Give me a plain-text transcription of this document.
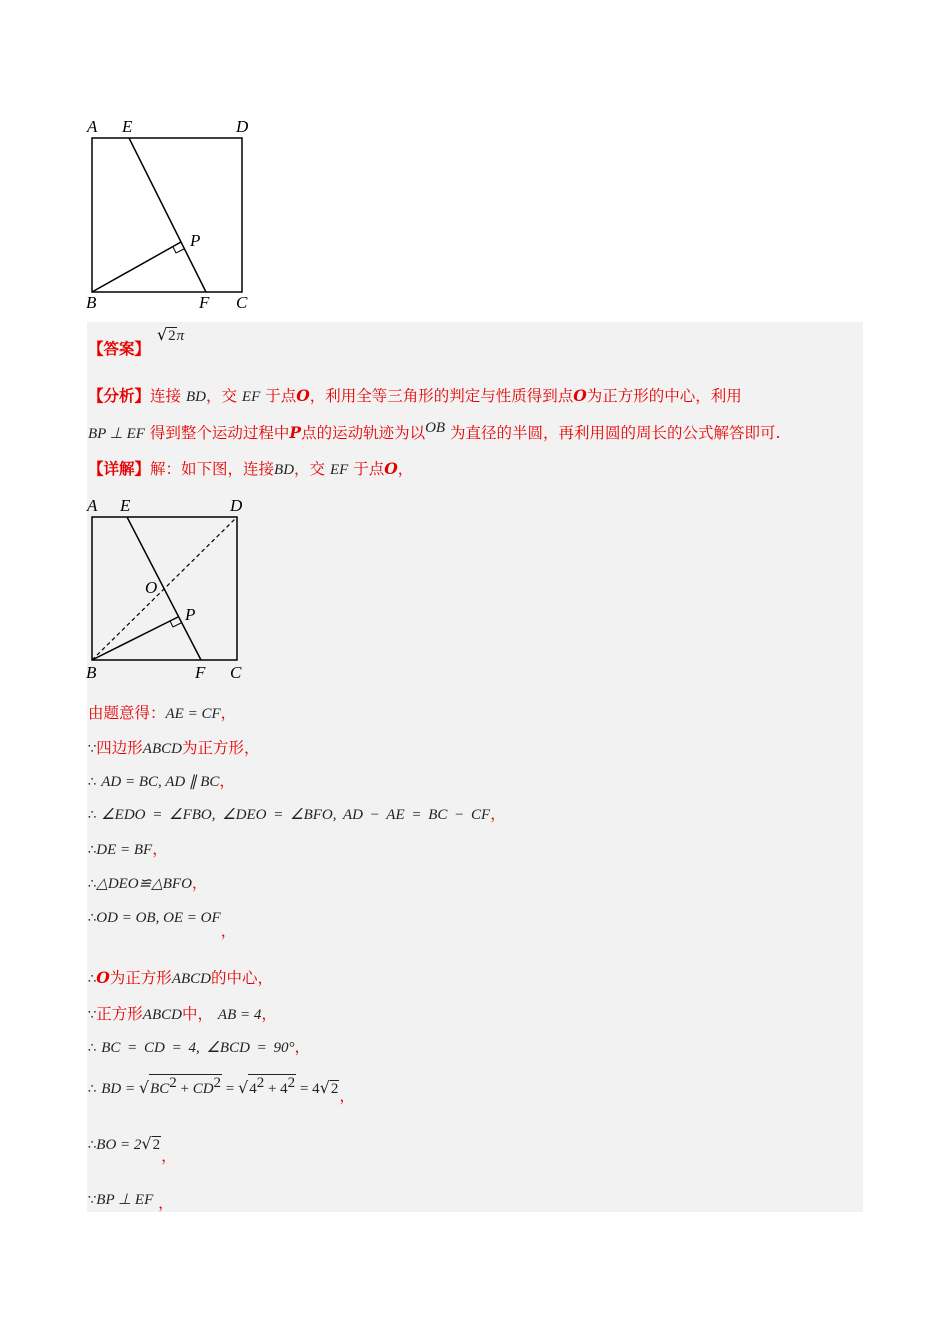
A E	D
P
B	F C
【答案】 √2π
【分析】连接 BD，交 EF 于点O，利用全等三角形的判定与性质得到点O为正方形的中心，利用
BP ⊥ EF 得到整个运动过程中P点的运动轨迹为以OB 为直径的半圆，再利用圆的周长的公式解答即可.
【详解】解：如下图，连接BD，交 EF 于点O，
A E	D
O
P
B	F C
由题意得：AE = CF，
∵四边形ABCD为正方形，
∴ AD = BC, AD ∥ BC，
∴ ∠EDO = ∠FBO, ∠DEO = ∠BFO, AD − AE = BC − CF，
∴DE = BF，
∴△DEO≌△BFO，
∴OD = OB, OE = OF，
∴O为正方形ABCD的中心，
∵正方形ABCD中， AB = 4，
∴ BC = CD = 4, ∠BCD = 90°，
∴ BD = $√BC^2 + CD^2 = √4^2 + 4^2 = 4√2$，
∴BO = 2√2，
∵BP ⊥ EF ，
